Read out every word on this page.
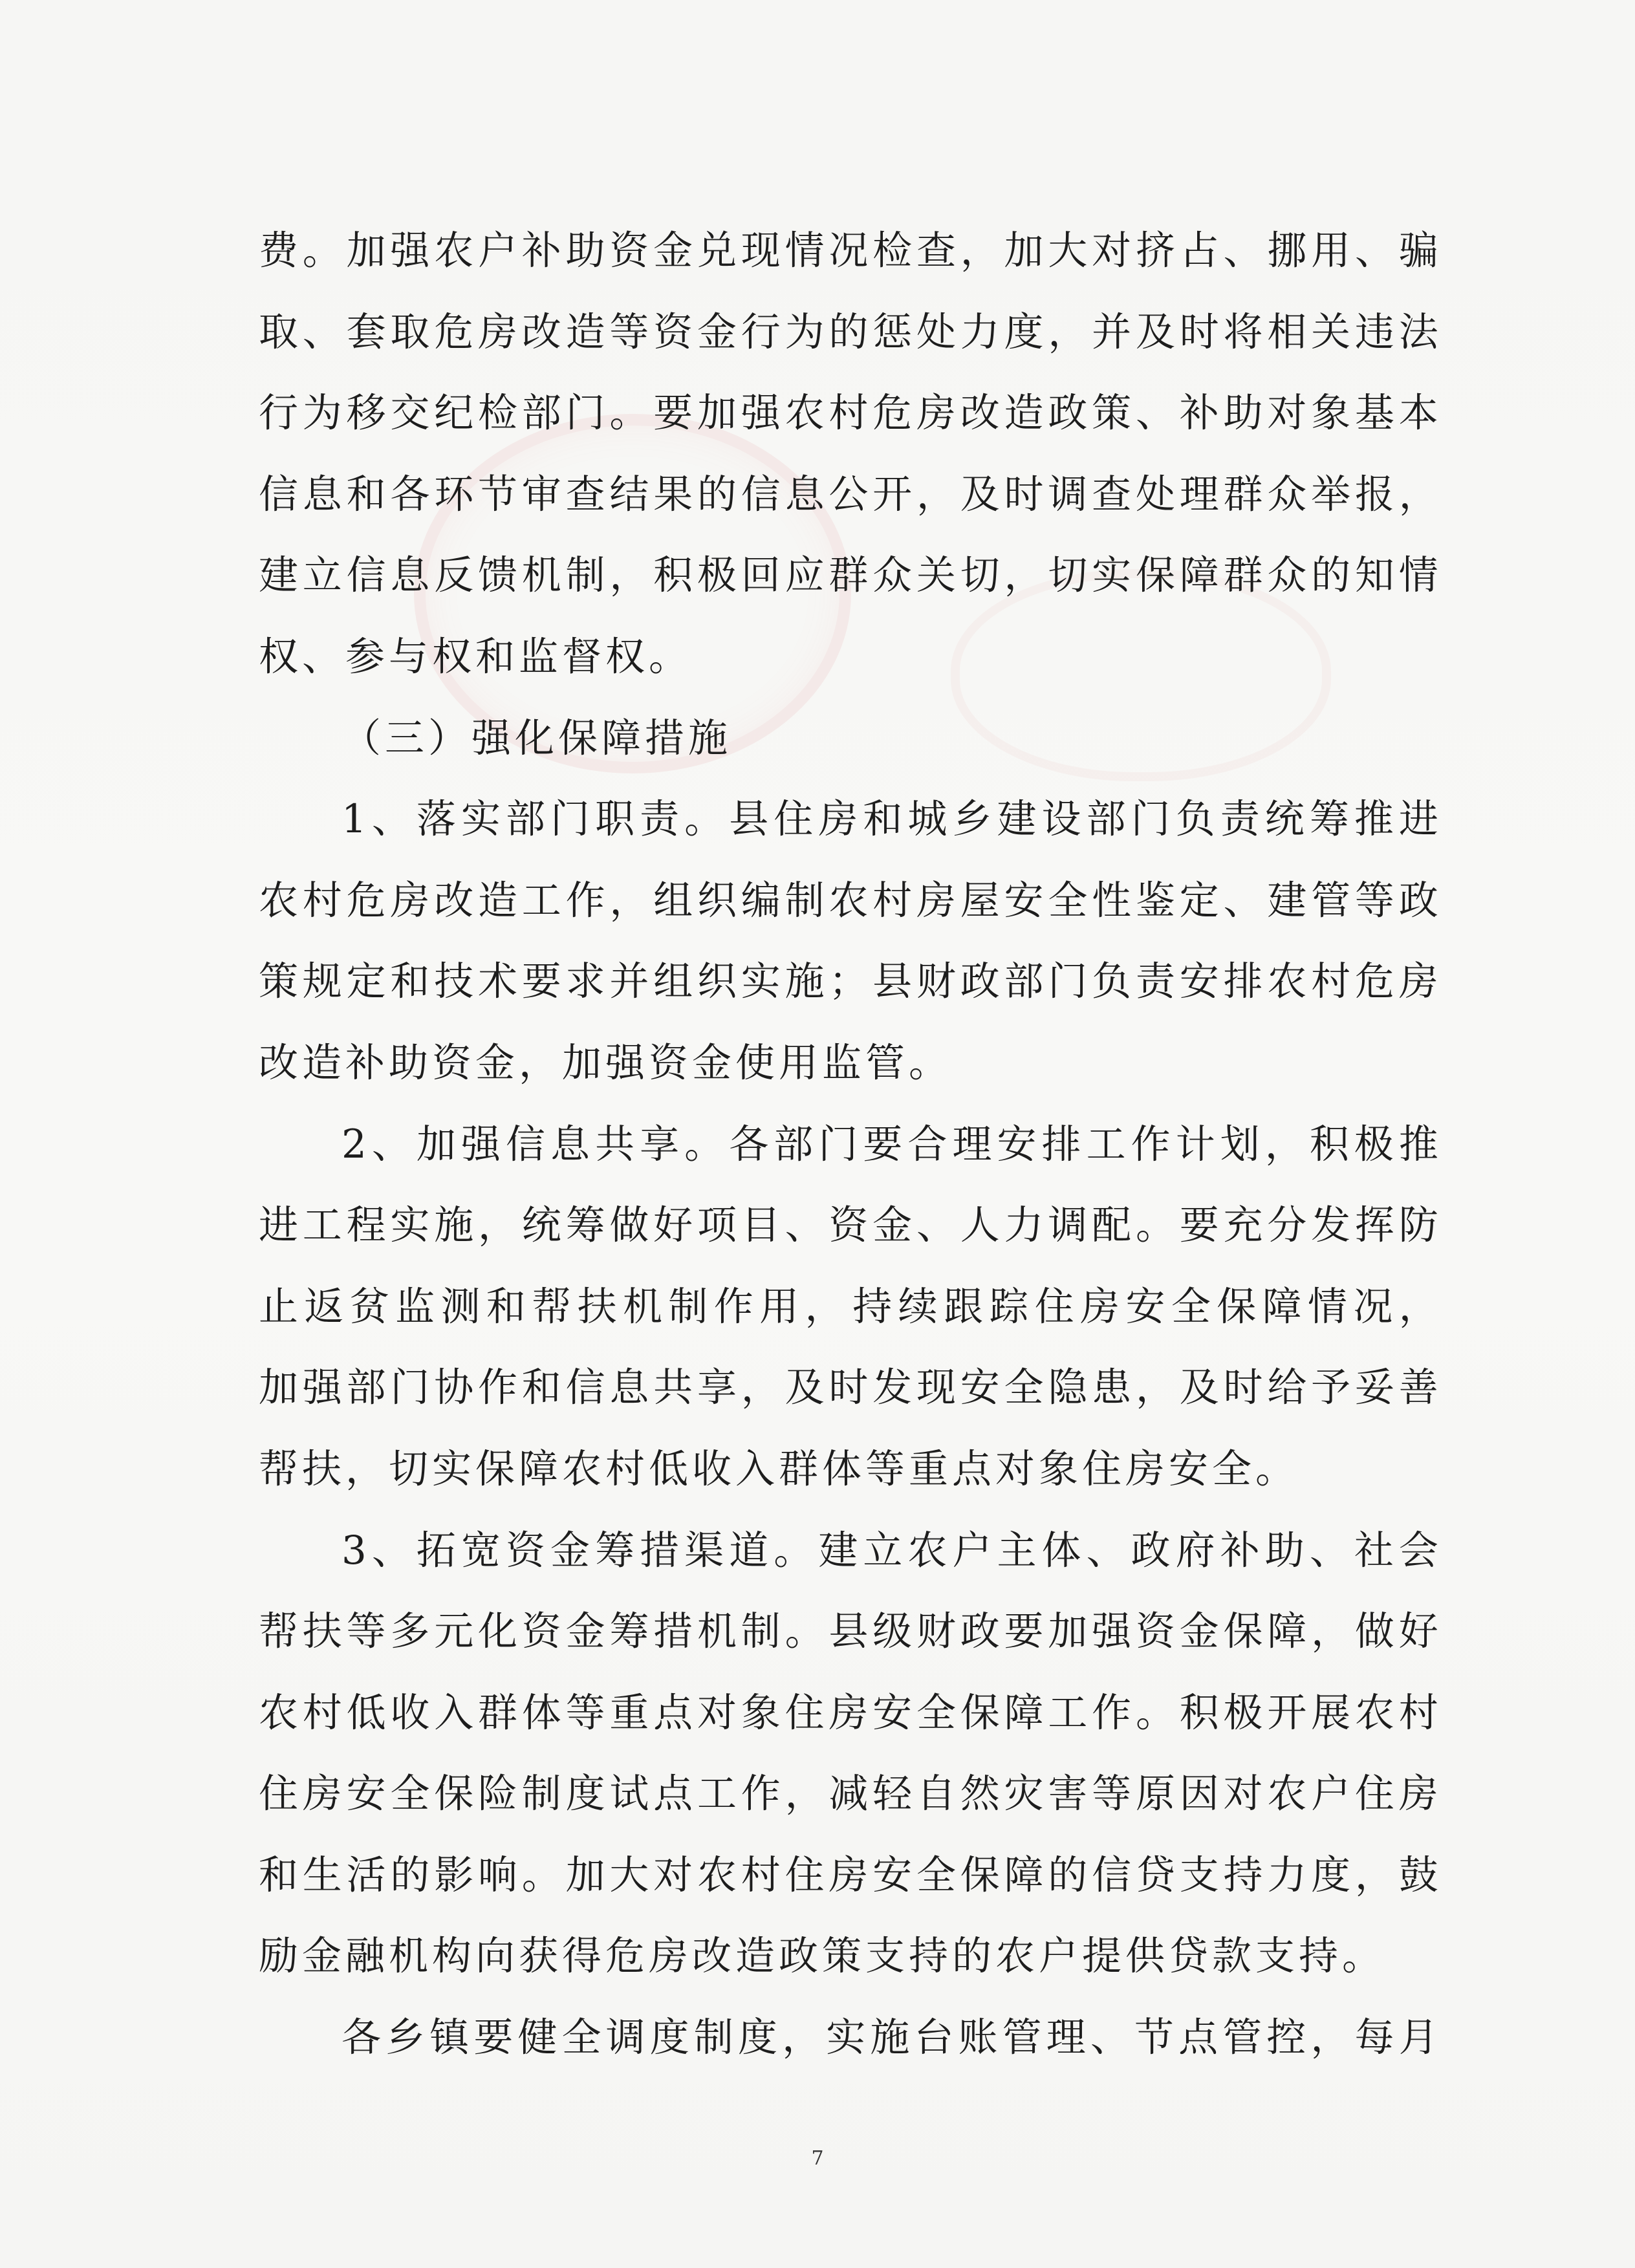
费 。 加 强 农 户 补 助 资 金 兑 现 情 况 检 查 ， 加 大 对 挤 占 、 挪 用 、 骗
取 、 套 取 危 房 改 造 等 资 金 行 为 的 惩 处 力 度 ， 并 及 时 将 相 关 违 法
行 为 移 交 纪 检 部 门 。 要 加 强 农 村 危 房 改 造 政 策 、 补 助 对 象 基 本
信 息 和 各 环 节 审 查 结 果 的 信 息 公 开 ， 及 时 调 查 处 理 群 众 举 报 ，
建 立 信 息 反 馈 机 制 ， 积 极 回 应 群 众 关 切 ， 切 实 保 障 群 众 的 知 情
权、参与权和监督权。
（三）强化保障措施
1 、 落 实 部 门 职 责 。 县 住 房 和 城 乡 建 设 部 门 负 责 统 筹 推 进
农 村 危 房 改 造 工 作 ， 组 织 编 制 农 村 房 屋 安 全 性 鉴 定 、 建 管 等 政
策 规 定 和 技 术 要 求 并 组 织 实 施 ； 县 财 政 部 门 负 责 安 排 农 村 危 房
改造补助资金，加强资金使用监管。
2 、 加 强 信 息 共 享 。 各 部 门 要 合 理 安 排 工 作 计 划 ， 积 极 推
进 工 程 实 施 ， 统 筹 做 好 项 目 、 资 金 、 人 力 调 配 。 要 充 分 发 挥 防
止 返 贫 监 测 和 帮 扶 机 制 作 用 ， 持 续 跟 踪 住 房 安 全 保 障 情 况 ，
加 强 部 门 协 作 和 信 息 共 享 ， 及 时 发 现 安 全 隐 患 ， 及 时 给 予 妥 善
帮扶，切实保障农村低收入群体等重点对象住房安全。
3 、 拓 宽 资 金 筹 措 渠 道 。 建 立 农 户 主 体 、 政 府 补 助 、 社 会
帮 扶 等 多 元 化 资 金 筹 措 机 制 。 县 级 财 政 要 加 强 资 金 保 障 ， 做 好
农 村 低 收 入 群 体 等 重 点 对 象 住 房 安 全 保 障 工 作 。 积 极 开 展 农 村
住 房 安 全 保 险 制 度 试 点 工 作 ， 减 轻 自 然 灾 害 等 原 因 对 农 户 住 房
和 生 活 的 影 响 。 加 大 对 农 村 住 房 安 全 保 障 的 信 贷 支 持 力 度 ， 鼓
励金融机构向获得危房改造政策支持的农户提供贷款支持。
各 乡 镇 要 健 全 调 度 制 度 ， 实 施 台 账 管 理 、 节 点 管 控 ， 每 月
7
